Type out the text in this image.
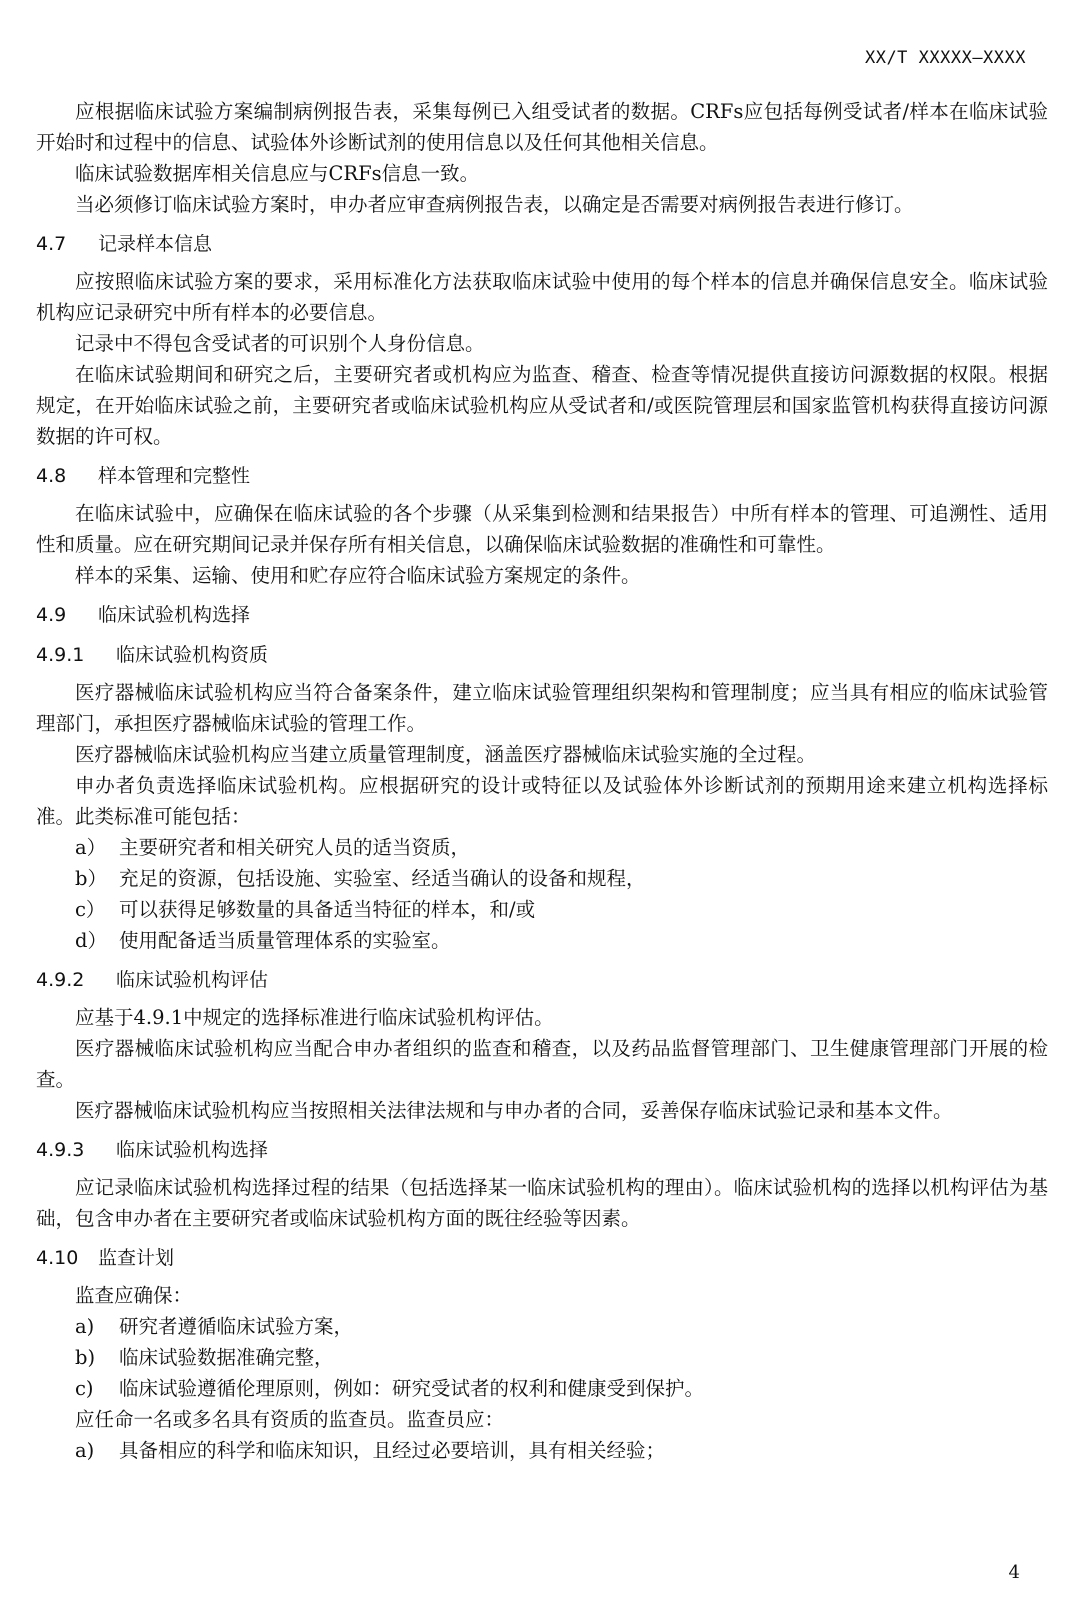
XX/T XXXXX—XXXX

应根据临床试验方案编制病例报告表，采集每例已入组受试者的数据。CRFs应包括每例受试者/样本在临床试验开始时和过程中的信息、试验体外诊断试剂的使用信息以及任何其他相关信息。

临床试验数据库相关信息应与CRFs信息一致。

当必须修订临床试验方案时，申办者应审查病例报告表，以确定是否需要对病例报告表进行修订。

4.7 记录样本信息

应按照临床试验方案的要求，采用标准化方法获取临床试验中使用的每个样本的信息并确保信息安全。临床试验机构应记录研究中所有样本的必要信息。

记录中不得包含受试者的可识别个人身份信息。

在临床试验期间和研究之后，主要研究者或机构应为监查、稽查、检查等情况提供直接访问源数据的权限。根据规定，在开始临床试验之前，主要研究者或临床试验机构应从受试者和/或医院管理层和国家监管机构获得直接访问源数据的许可权。

4.8 样本管理和完整性

在临床试验中，应确保在临床试验的各个步骤（从采集到检测和结果报告）中所有样本的管理、可追溯性、适用性和质量。应在研究期间记录并保存所有相关信息，以确保临床试验数据的准确性和可靠性。

样本的采集、运输、使用和贮存应符合临床试验方案规定的条件。

4.9 临床试验机构选择
4.9.1 临床试验机构资质

医疗器械临床试验机构应当符合备案条件，建立临床试验管理组织架构和管理制度；应当具有相应的临床试验管理部门，承担医疗器械临床试验的管理工作。

医疗器械临床试验机构应当建立质量管理制度，涵盖医疗器械临床试验实施的全过程。

申办者负责选择临床试验机构。应根据研究的设计或特征以及试验体外诊断试剂的预期用途来建立机构选择标准。此类标准可能包括：

a） 主要研究者和相关研究人员的适当资质，
b） 充足的资源，包括设施、实验室、经适当确认的设备和规程，
c） 可以获得足够数量的具备适当特征的样本，和/或
d） 使用配备适当质量管理体系的实验室。
4.9.2 临床试验机构评估

应基于4.9.1中规定的选择标准进行临床试验机构评估。

医疗器械临床试验机构应当配合申办者组织的监查和稽查，以及药品监督管理部门、卫生健康管理部门开展的检查。

医疗器械临床试验机构应当按照相关法律法规和与申办者的合同，妥善保存临床试验记录和基本文件。

4.9.3 临床试验机构选择

应记录临床试验机构选择过程的结果（包括选择某一临床试验机构的理由）。临床试验机构的选择以机构评估为基础，包含申办者在主要研究者或临床试验机构方面的既往经验等因素。

4.10 监查计划

监查应确保：

a) 研究者遵循临床试验方案，
b) 临床试验数据准确完整，
c) 临床试验遵循伦理原则，例如：研究受试者的权利和健康受到保护。

应任命一名或多名具有资质的监查员。监查员应：

a) 具备相应的科学和临床知识，且经过必要培训，具有相关经验；
4
